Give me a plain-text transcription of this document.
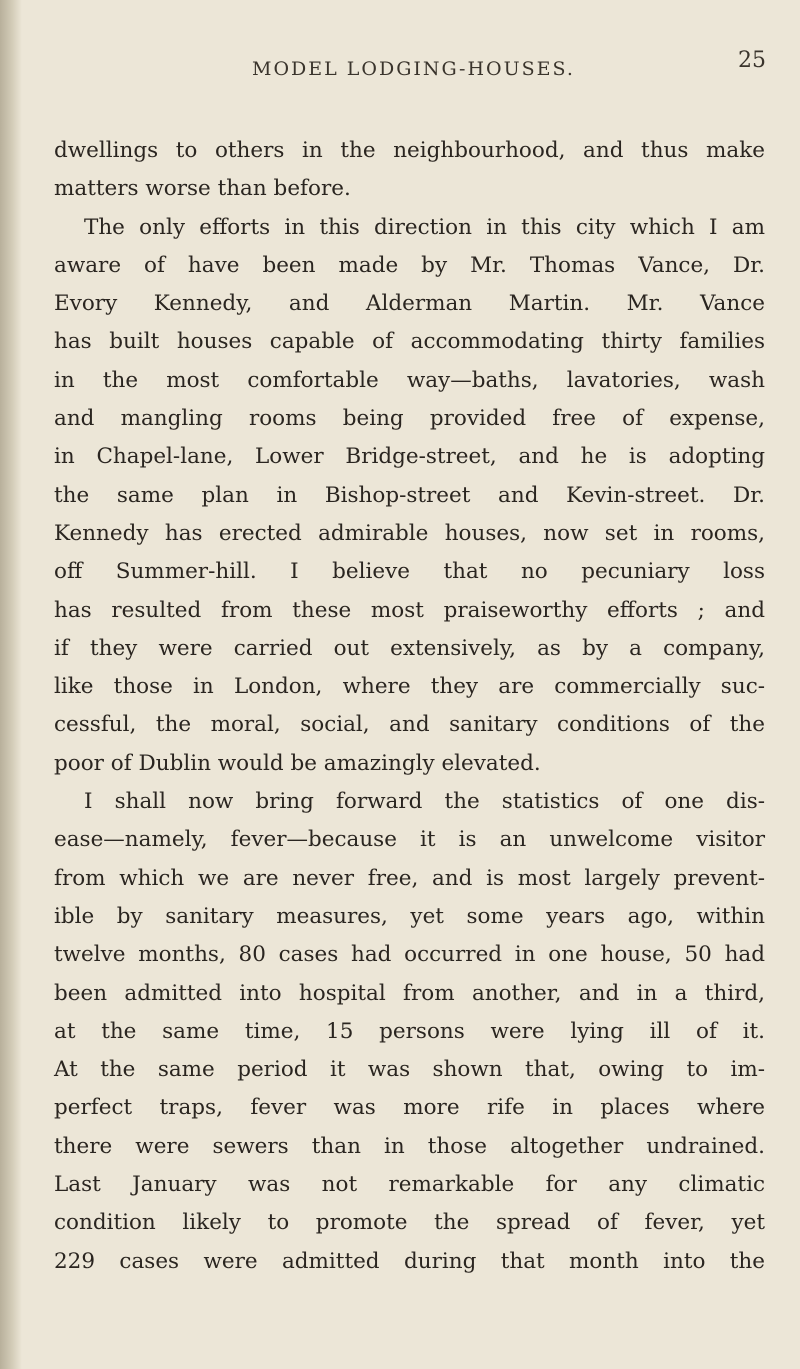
MODEL LODGING-HOUSES.	25
dwellings to others in the neighbourhood, and thus make
matters worse than before.
The only efforts in this direction in this city which I am
aware of have been made by Mr. Thomas Vance, Dr.
Evory Kennedy, and Alderman Martin. Mr. Vance
has built houses capable of accommodating thirty families
in the most comfortable way—baths, lavatories, wash
and mangling rooms being provided free of expense,
in Chapel-lane, Lower Bridge-street, and he is adopting
the same plan in Bishop-street and Kevin-street. Dr.
Kennedy has erected admirable houses, now set in rooms,
off Summer-hill. I believe that no pecuniary loss
has resulted from these most praiseworthy efforts ; and
if they were carried out extensively, as by a company,
like those in London, where they are commercially suc-
cessful, the moral, social, and sanitary conditions of the
poor of Dublin would be amazingly elevated.
I shall now bring forward the statistics of one dis-
ease—namely, fever—because it is an unwelcome visitor
from which we are never free, and is most largely prevent-
ible by sanitary measures, yet some years ago, within
twelve months, 80 cases had occurred in one house, 50 had
been admitted into hospital from another, and in a third,
at the same time, 15 persons were lying ill of it.
At the same period it was shown that, owing to im-
perfect traps, fever was more rife in places where
there were sewers than in those altogether undrained.
Last January was not remarkable for any climatic
condition likely to promote the spread of fever, yet
229 cases were admitted during that month into the
